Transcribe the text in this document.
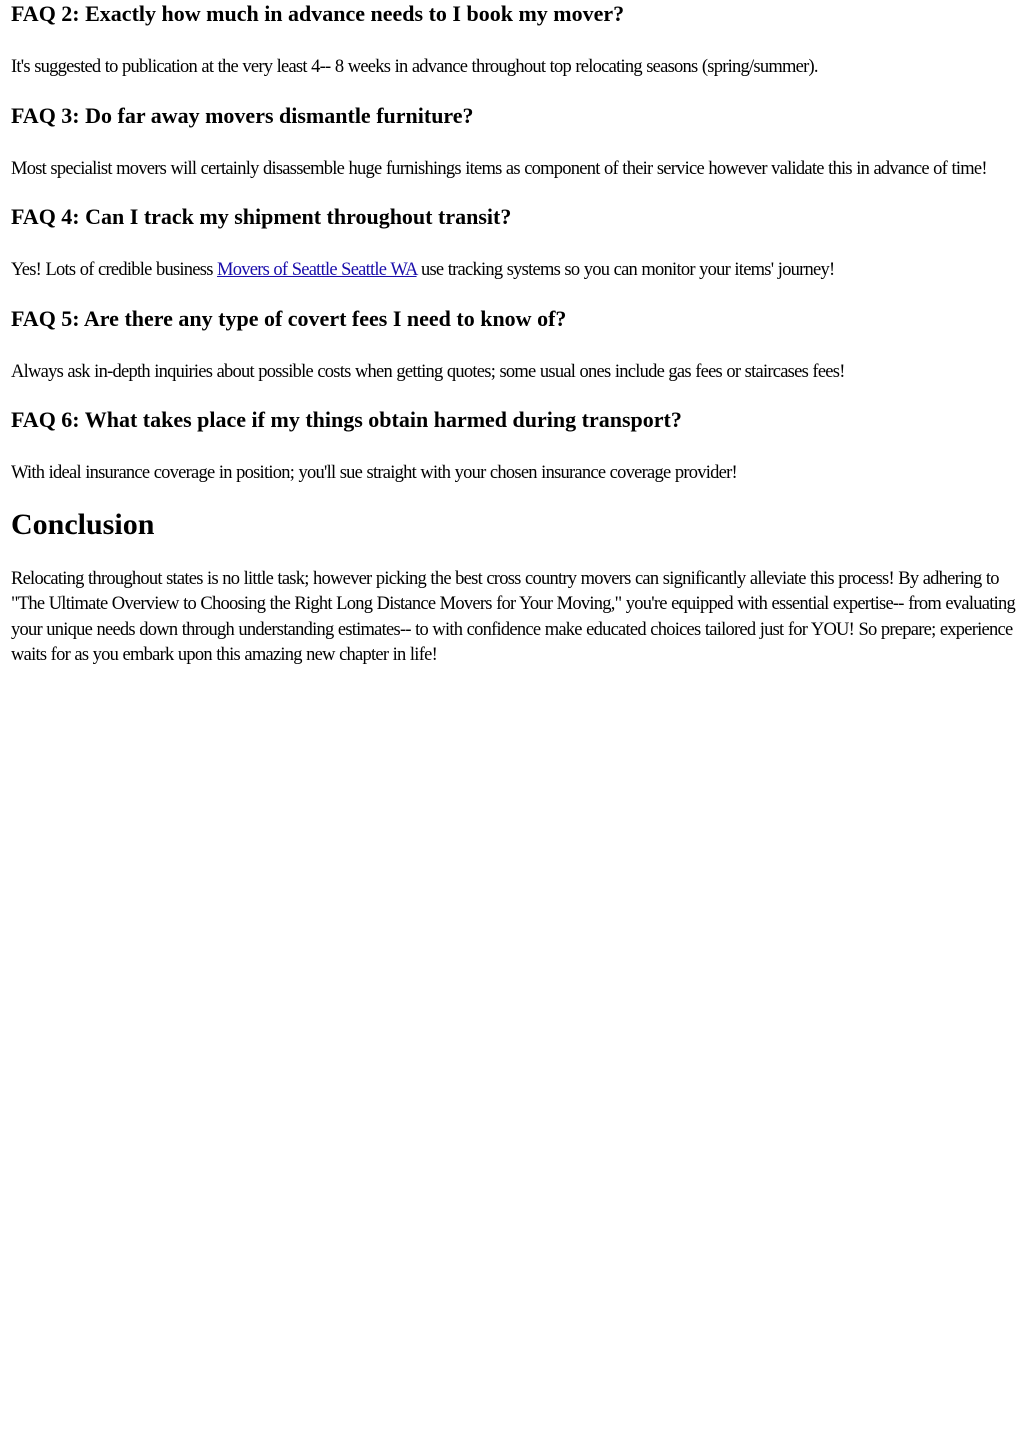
FAQ 2: Exactly how much in advance needs to I book my mover?

It's suggested to publication at the very least 4-- 8 weeks in advance throughout top relocating seasons (spring/summer).

FAQ 3: Do far away movers dismantle furniture?

Most specialist movers will certainly disassemble huge furnishings items as component of their service however validate this in advance of time!

FAQ 4: Can I track my shipment throughout transit?

Yes! Lots of credible business Movers of Seattle Seattle WA use tracking systems so you can monitor your items' journey!

FAQ 5: Are there any type of covert fees I need to know of?

Always ask in-depth inquiries about possible costs when getting quotes; some usual ones include gas fees or staircases fees!

FAQ 6: What takes place if my things obtain harmed during transport?

With ideal insurance coverage in position; you'll sue straight with your chosen insurance coverage provider!

Conclusion

Relocating throughout states is no little task; however picking the best cross country movers can significantly alleviate this process! By adhering to "The Ultimate Overview to Choosing the Right Long Distance Movers for Your Moving," you're equipped with essential expertise-- from evaluating your unique needs down through understanding estimates-- to with confidence make educated choices tailored just for YOU! So prepare; experience waits for as you embark upon this amazing new chapter in life!
